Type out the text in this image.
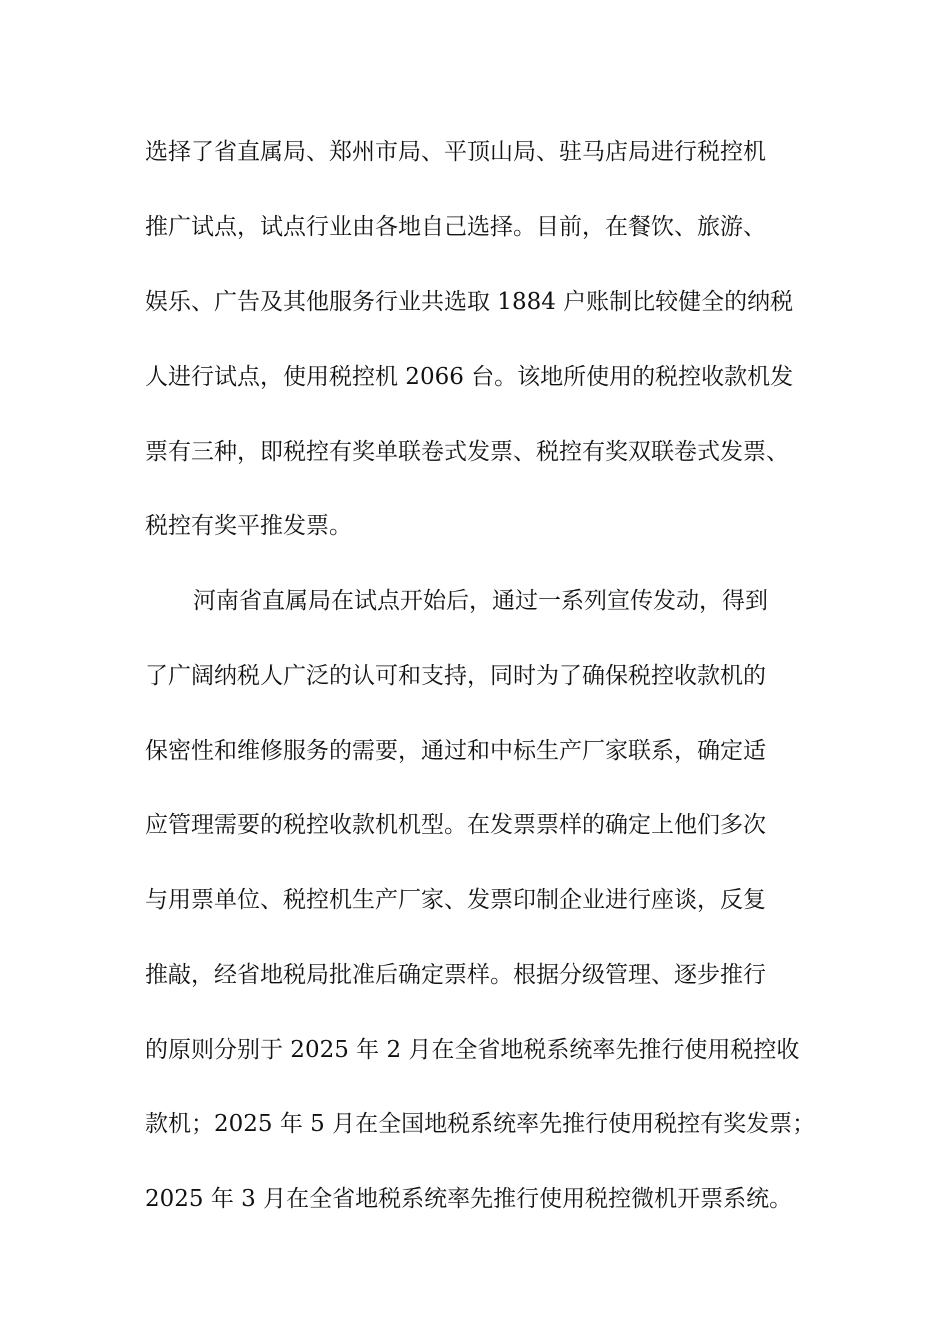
选择了省直属局、郑州市局、平顶山局、驻马店局进行税控机
推广试点，试点行业由各地自己选择。目前，在餐饮、旅游、
娱乐、广告及其他服务行业共选取 1884 户账制比较健全的纳税
人进行试点，使用税控机 2066 台。该地所使用的税控收款机发
票有三种，即税控有奖单联卷式发票、税控有奖双联卷式发票、
税控有奖平推发票。
河南省直属局在试点开始后，通过一系列宣传发动，得到
了广阔纳税人广泛的认可和支持，同时为了确保税控收款机的
保密性和维修服务的需要，通过和中标生产厂家联系，确定适
应管理需要的税控收款机机型。在发票票样的确定上他们多次
与用票单位、税控机生产厂家、发票印制企业进行座谈，反复
推敲，经省地税局批准后确定票样。根据分级管理、逐步推行
的原则分别于 2025 年 2 月在全省地税系统率先推行使用税控收
款机；2025 年 5 月在全国地税系统率先推行使用税控有奖发票；
2025 年 3 月在全省地税系统率先推行使用税控微机开票系统。
